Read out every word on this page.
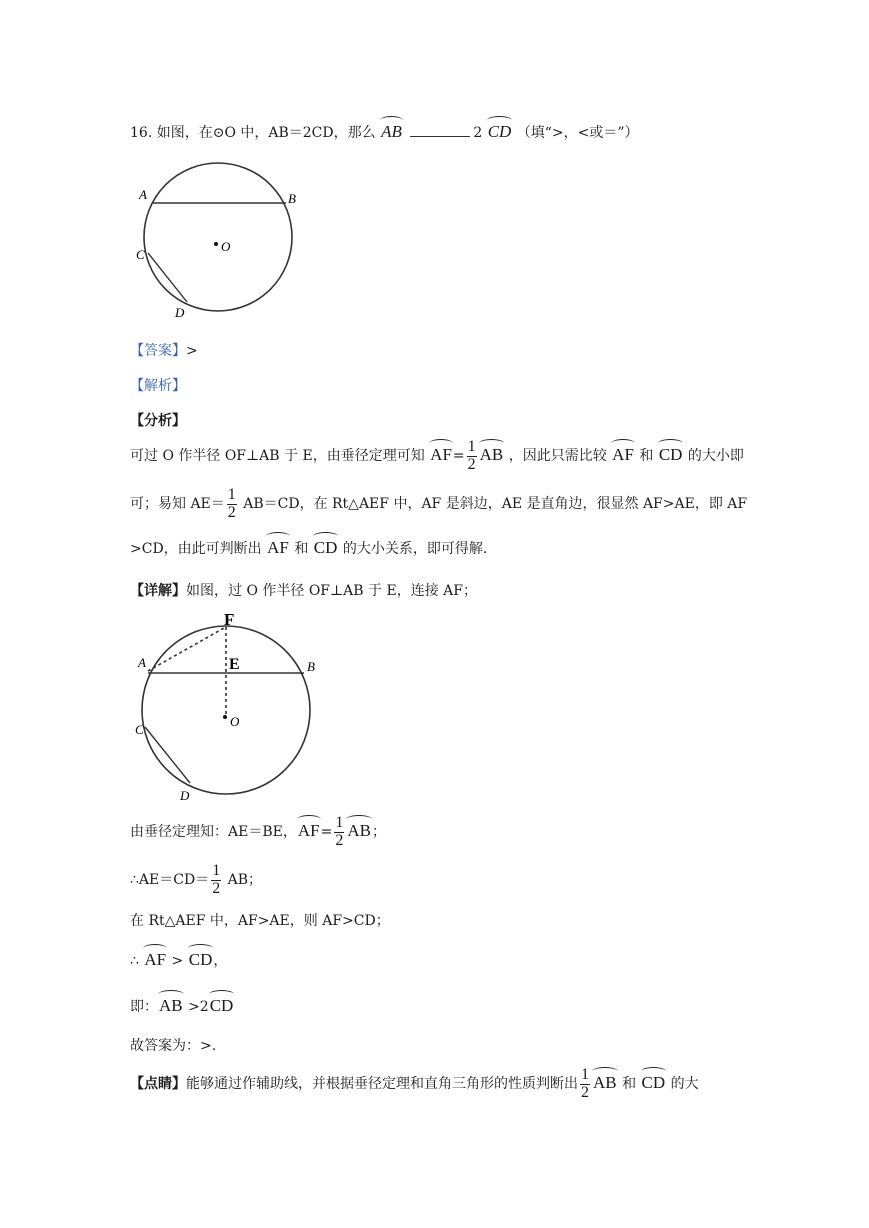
16. 如图，在⊙O 中，AB＝2CD，那么 AB	2 CD （填“>，<或＝”）
A	B
C
D
O
【答案】>
【解析】
【分析】
可过 O 作半径 OF⊥AB 于 E，由垂径定理可知 $AF= \frac{1}{2}$ AB ，因此只需比较 AF 和 CD 的大小即
可；易知 $AE= \frac{1}{2} AB=CD$，在 Rt△AEF 中，AF 是斜边，AE 是直角边，很显然 AF>AE，即 AF
>CD，由此可判断出 AF 和 CD 的大小关系，即可得解.
【详解】如图，过 O 作半径 OF⊥AB 于 E，连接 AF；
F
E
A	B
C
D
O
由垂径定理知：AE＝BE，$AF= \frac{1}{2}$ AB；
∴AE＝CD＝ $\frac{1}{2}$ AB；
在 Rt△AEF 中，AF>AE，则 AF>CD；
∴ AF > CD，
即：AB >2CD
故答案为：>.
【点睛】能够通过作辅助线，并根据垂径定理和直角三角形的性质判断出 $\frac{1}{2}$ AB 和 CD 的大
